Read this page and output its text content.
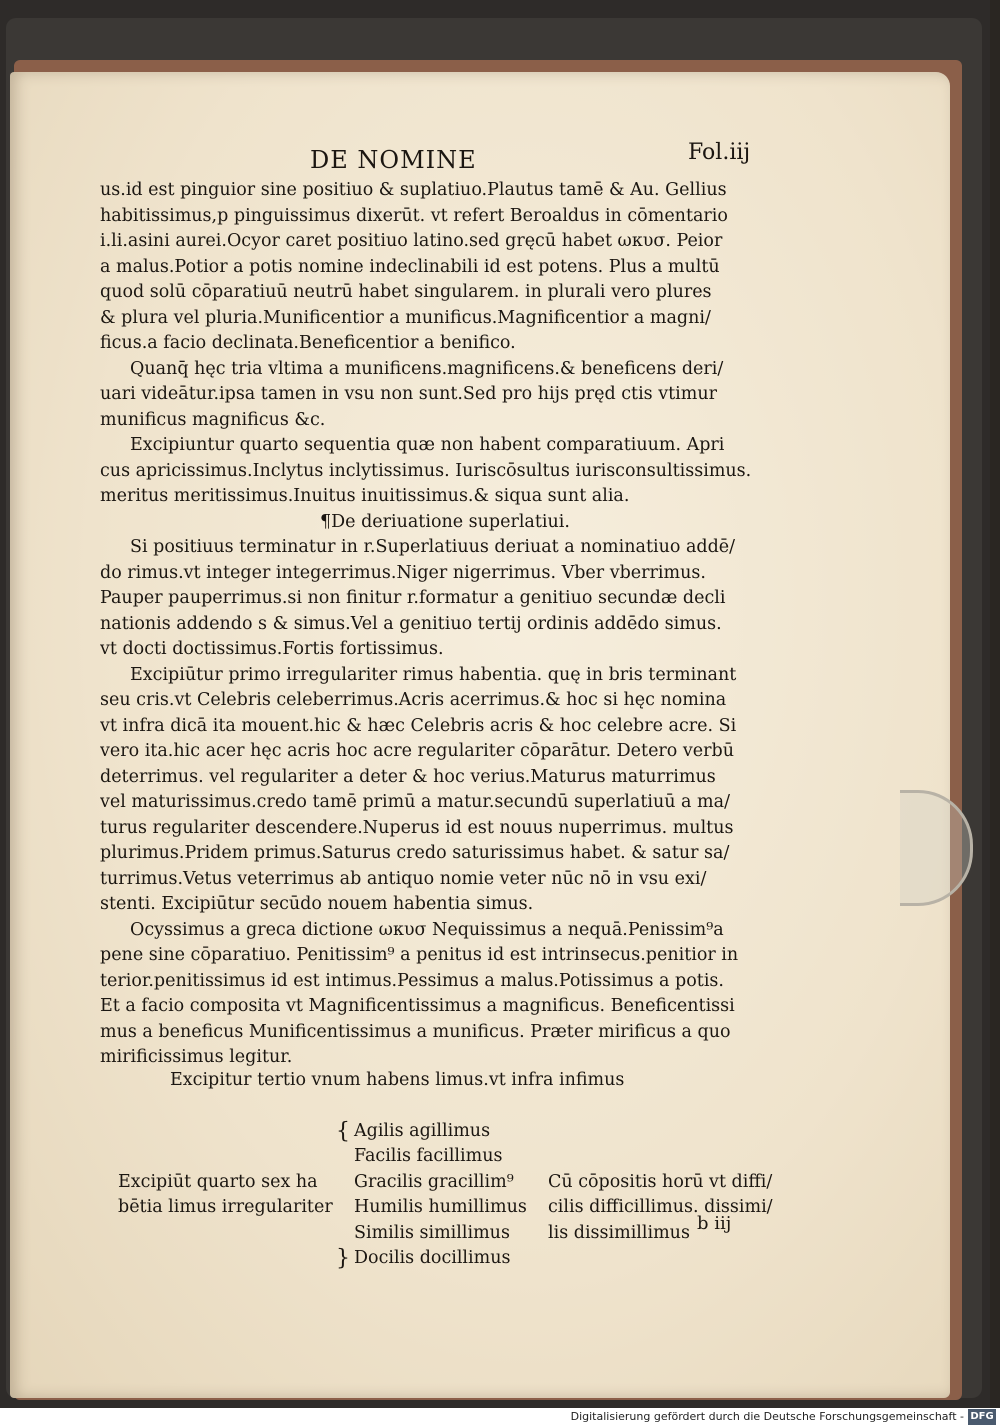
DE NOMINE	Fol.iij
us.id est pinguior sine positiuo & suplatiuo.Plautus tamē & Au. Gellius
habitissimus,p pinguissimus dixerūt. vt refert Beroaldus in cōmentario
i.li.asini aurei.Ocyor caret positiuo latino.sed gręcū habet ωκυσ. Peior
a malus.Potior a potis nomine indeclinabili id est potens. Plus a multū
quod solū cōparatiuū neutrū habet singularem. in plurali vero plures
& plura vel pluria.Munificentior a munificus.Magnificentior a magni/
ficus.a facio declinata.Beneficentior a benifico.
Quanq̄ hęc tria vltima a munificens.magnificens.& beneficens deri/
uari videātur.ipsa tamen in vsu non sunt.Sed pro hijs pręd ctis vtimur
munificus magnificus &c.
Excipiuntur quarto sequentia quæ non habent comparatiuum. Apri
cus apricissimus.Inclytus inclytissimus. Iuriscōsultus iurisconsultissimus.
meritus meritissimus.Inuitus inuitissimus.& siqua sunt alia.
¶De deriuatione superlatiui.
Si positiuus terminatur in r.Superlatiuus deriuat a nominatiuo addē/
do rimus.vt integer integerrimus.Niger nigerrimus. Vber vberrimus.
Pauper pauperrimus.si non finitur r.formatur a genitiuo secundæ decli
nationis addendo s & simus.Vel a genitiuo tertij ordinis addēdo simus.
vt docti doctissimus.Fortis fortissimus.
Excipiūtur primo irregulariter rimus habentia. quę in bris terminant
seu cris.vt Celebris celeberrimus.Acris acerrimus.& hoc si hęc nomina
vt infra dicā ita mouent.hic & hæc Celebris acris & hoc celebre acre. Si
vero ita.hic acer hęc acris hoc acre regulariter cōparātur. Detero verbū
deterrimus. vel regulariter a deter & hoc verius.Maturus maturrimus
vel maturissimus.credo tamē primū a matur.secundū superlatiuū a ma/
turus regulariter descendere.Nuperus id est nouus nuperrimus. multus
plurimus.Pridem primus.Saturus credo saturissimus habet. & satur sa/
turrimus.Vetus veterrimus ab antiquo nomie veter nūc nō in vsu exi/
stenti. Excipiūtur secūdo nouem habentia simus.
Ocyssimus a greca dictione ωκυσ Nequissimus a nequā.Penissim⁹a
pene sine cōparatiuo. Penitissim⁹ a penitus id est intrinsecus.penitior in
terior.penitissimus id est intimus.Pessimus a malus.Potissimus a potis.
Et a facio composita vt Magnificentissimus a magnificus. Beneficentissi
mus a beneficus Munificentissimus a munificus. Præter mirificus a quo
mirificissimus legitur.
Excipitur tertio vnum habens limus.vt infra infimus
{ Agilis agillimus
Facilis facillimus
Excipiūt quarto sex ha Gracilis gracillim⁹ Cū cōpositis horū vt diffi/
bētia limus irregulariter Humilis humillimus cilis difficillimus. dissimi/
Similis simillimus lis dissimillimus
} Docilis docillimus
b iij
Digitalisierung gefördert durch die Deutsche Forschungsgemeinschaft - DFG
